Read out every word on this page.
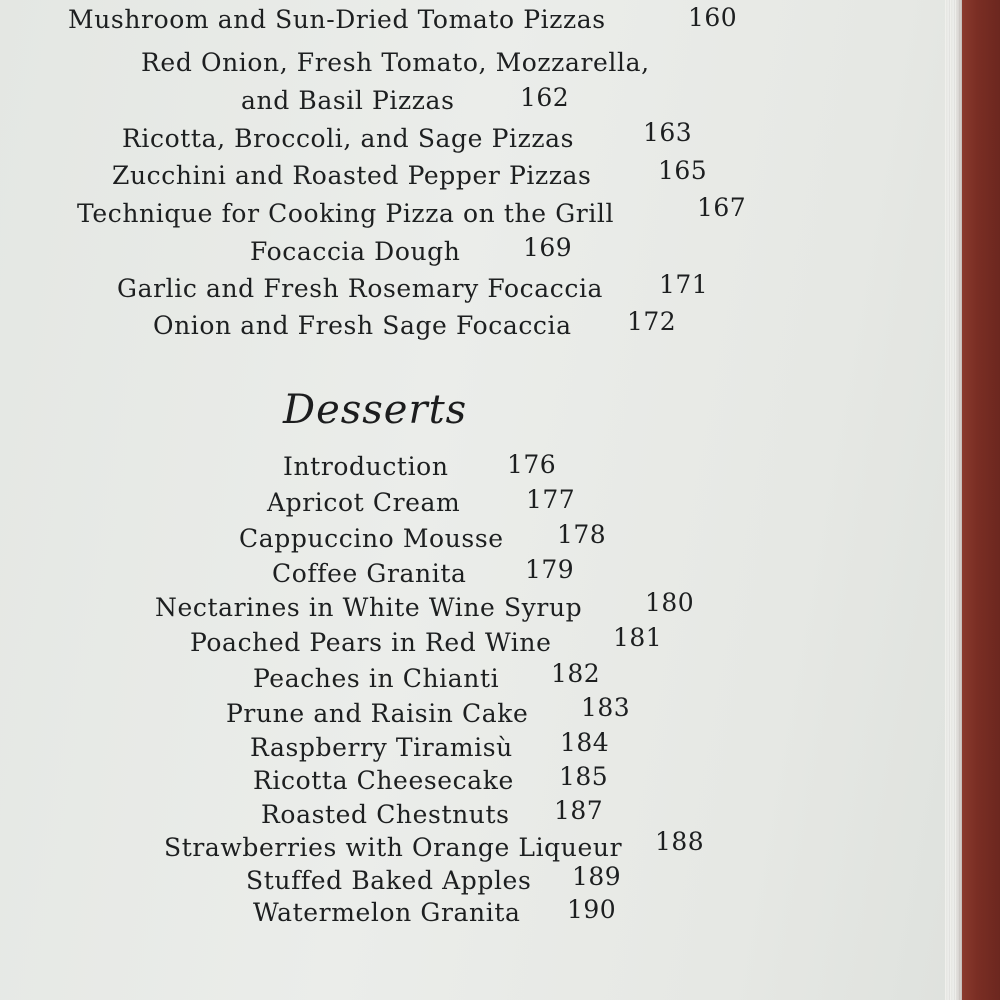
Mushroom and Sun-Dried Tomato Pizzas	160
Red Onion, Fresh Tomato, Mozzarella,
and Basil Pizzas	162
Ricotta, Broccoli, and Sage Pizzas	163
Zucchini and Roasted Pepper Pizzas	165
Technique for Cooking Pizza on the Grill	167
Focaccia Dough	169
Garlic and Fresh Rosemary Focaccia 171
Onion and Fresh Sage Focaccia 172
Desserts
Introduction 176
Apricot Cream	177
Cappuccino Mousse 178
Coffee Granita 179
Nectarines in White Wine Syrup	180
Poached Pears in Red Wine 181
Peaches in Chianti 182
Prune and Raisin Cake 183
Raspberry Tiramisù 184
Ricotta Cheesecake 185
Roasted Chestnuts 187
Strawberries with Orange Liqueur 188
Stuffed Baked Apples 189
Watermelon Granita 190
